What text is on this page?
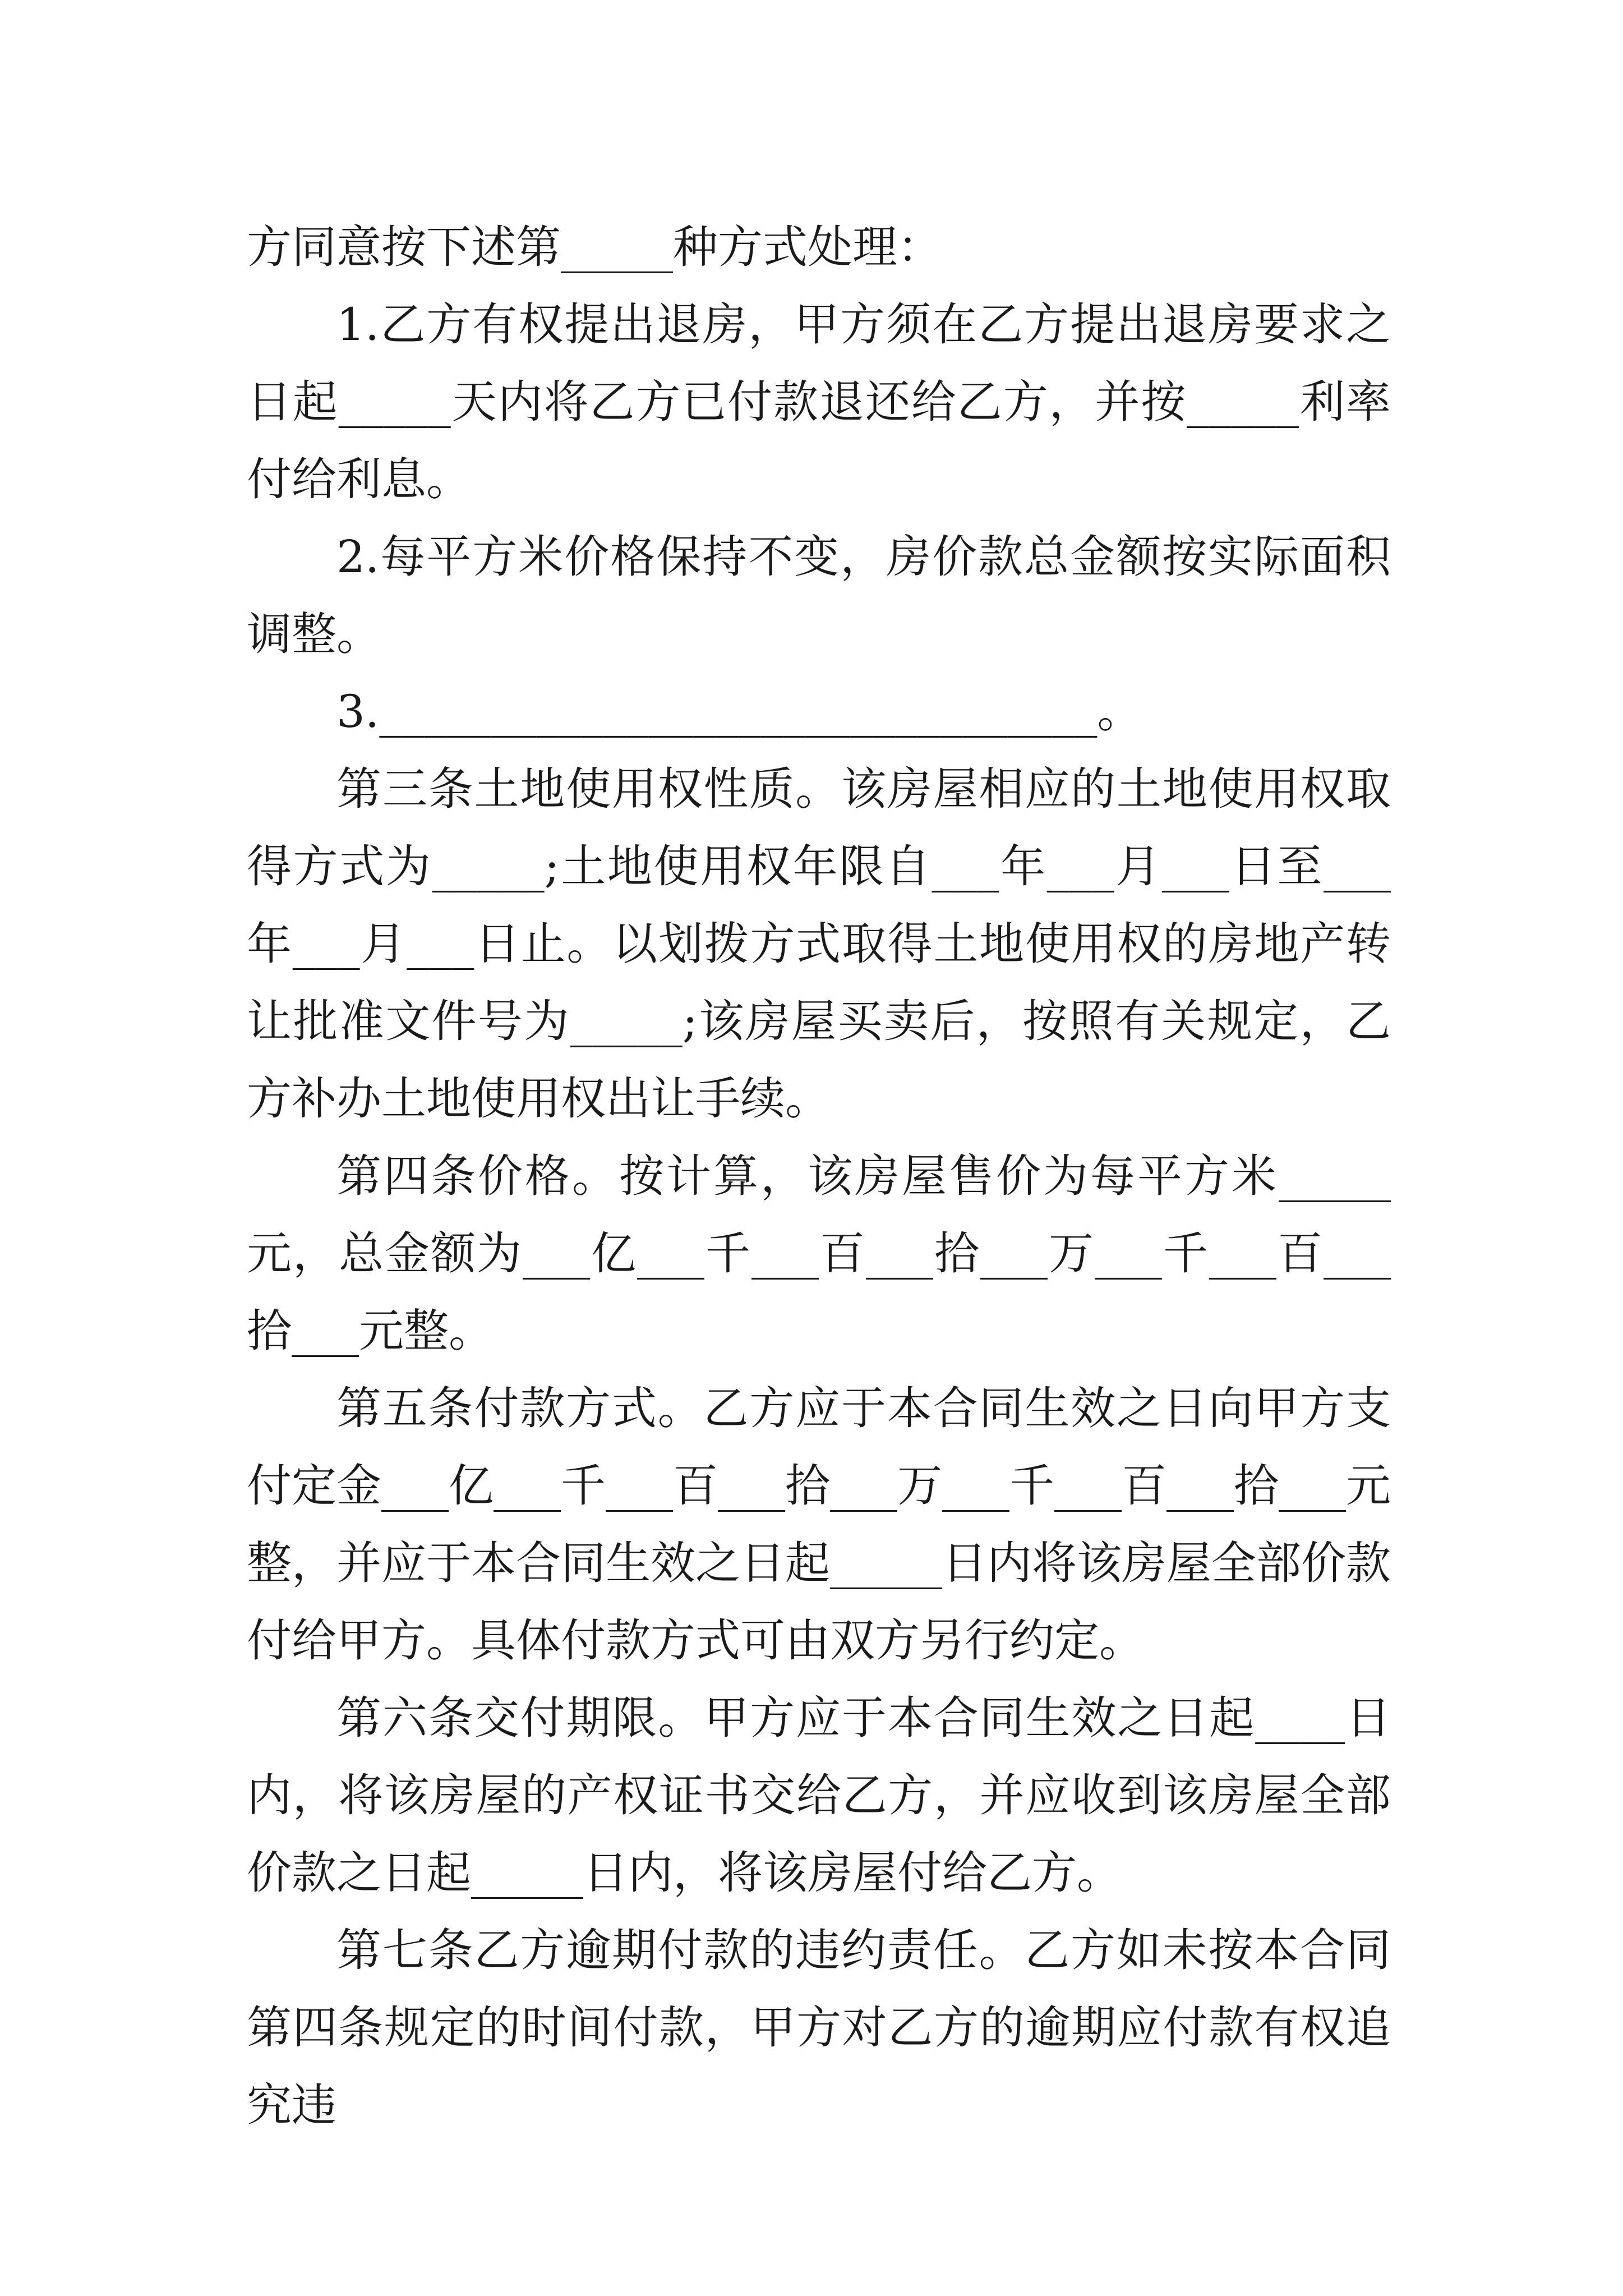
方同意按下述第_____种方式处理：

1.乙方有权提出退房，甲方须在乙方提出退房要求之日起_____天内将乙方已付款退还给乙方，并按_____利率付给利息。

2.每平方米价格保持不变，房价款总金额按实际面积调整。

3.________________________________。

第三条土地使用权性质。该房屋相应的土地使用权取得方式为_____;土地使用权年限自___年___月___日至___年___月___日止。以划拨方式取得土地使用权的房地产转让批准文件号为_____;该房屋买卖后，按照有关规定，乙方补办土地使用权出让手续。

第四条价格。按计算，该房屋售价为每平方米_____元，总金额为___亿___千___百___拾___万___千___百___拾___元整。

第五条付款方式。乙方应于本合同生效之日向甲方支付定金___亿___千___百___拾___万___千___百___拾___元整，并应于本合同生效之日起_____日内将该房屋全部价款付给甲方。具体付款方式可由双方另行约定。

第六条交付期限。甲方应于本合同生效之日起____日内，将该房屋的产权证书交给乙方，并应收到该房屋全部价款之日起_____日内，将该房屋付给乙方。

第七条乙方逾期付款的违约责任。乙方如未按本合同第四条规定的时间付款，甲方对乙方的逾期应付款有权追究违
